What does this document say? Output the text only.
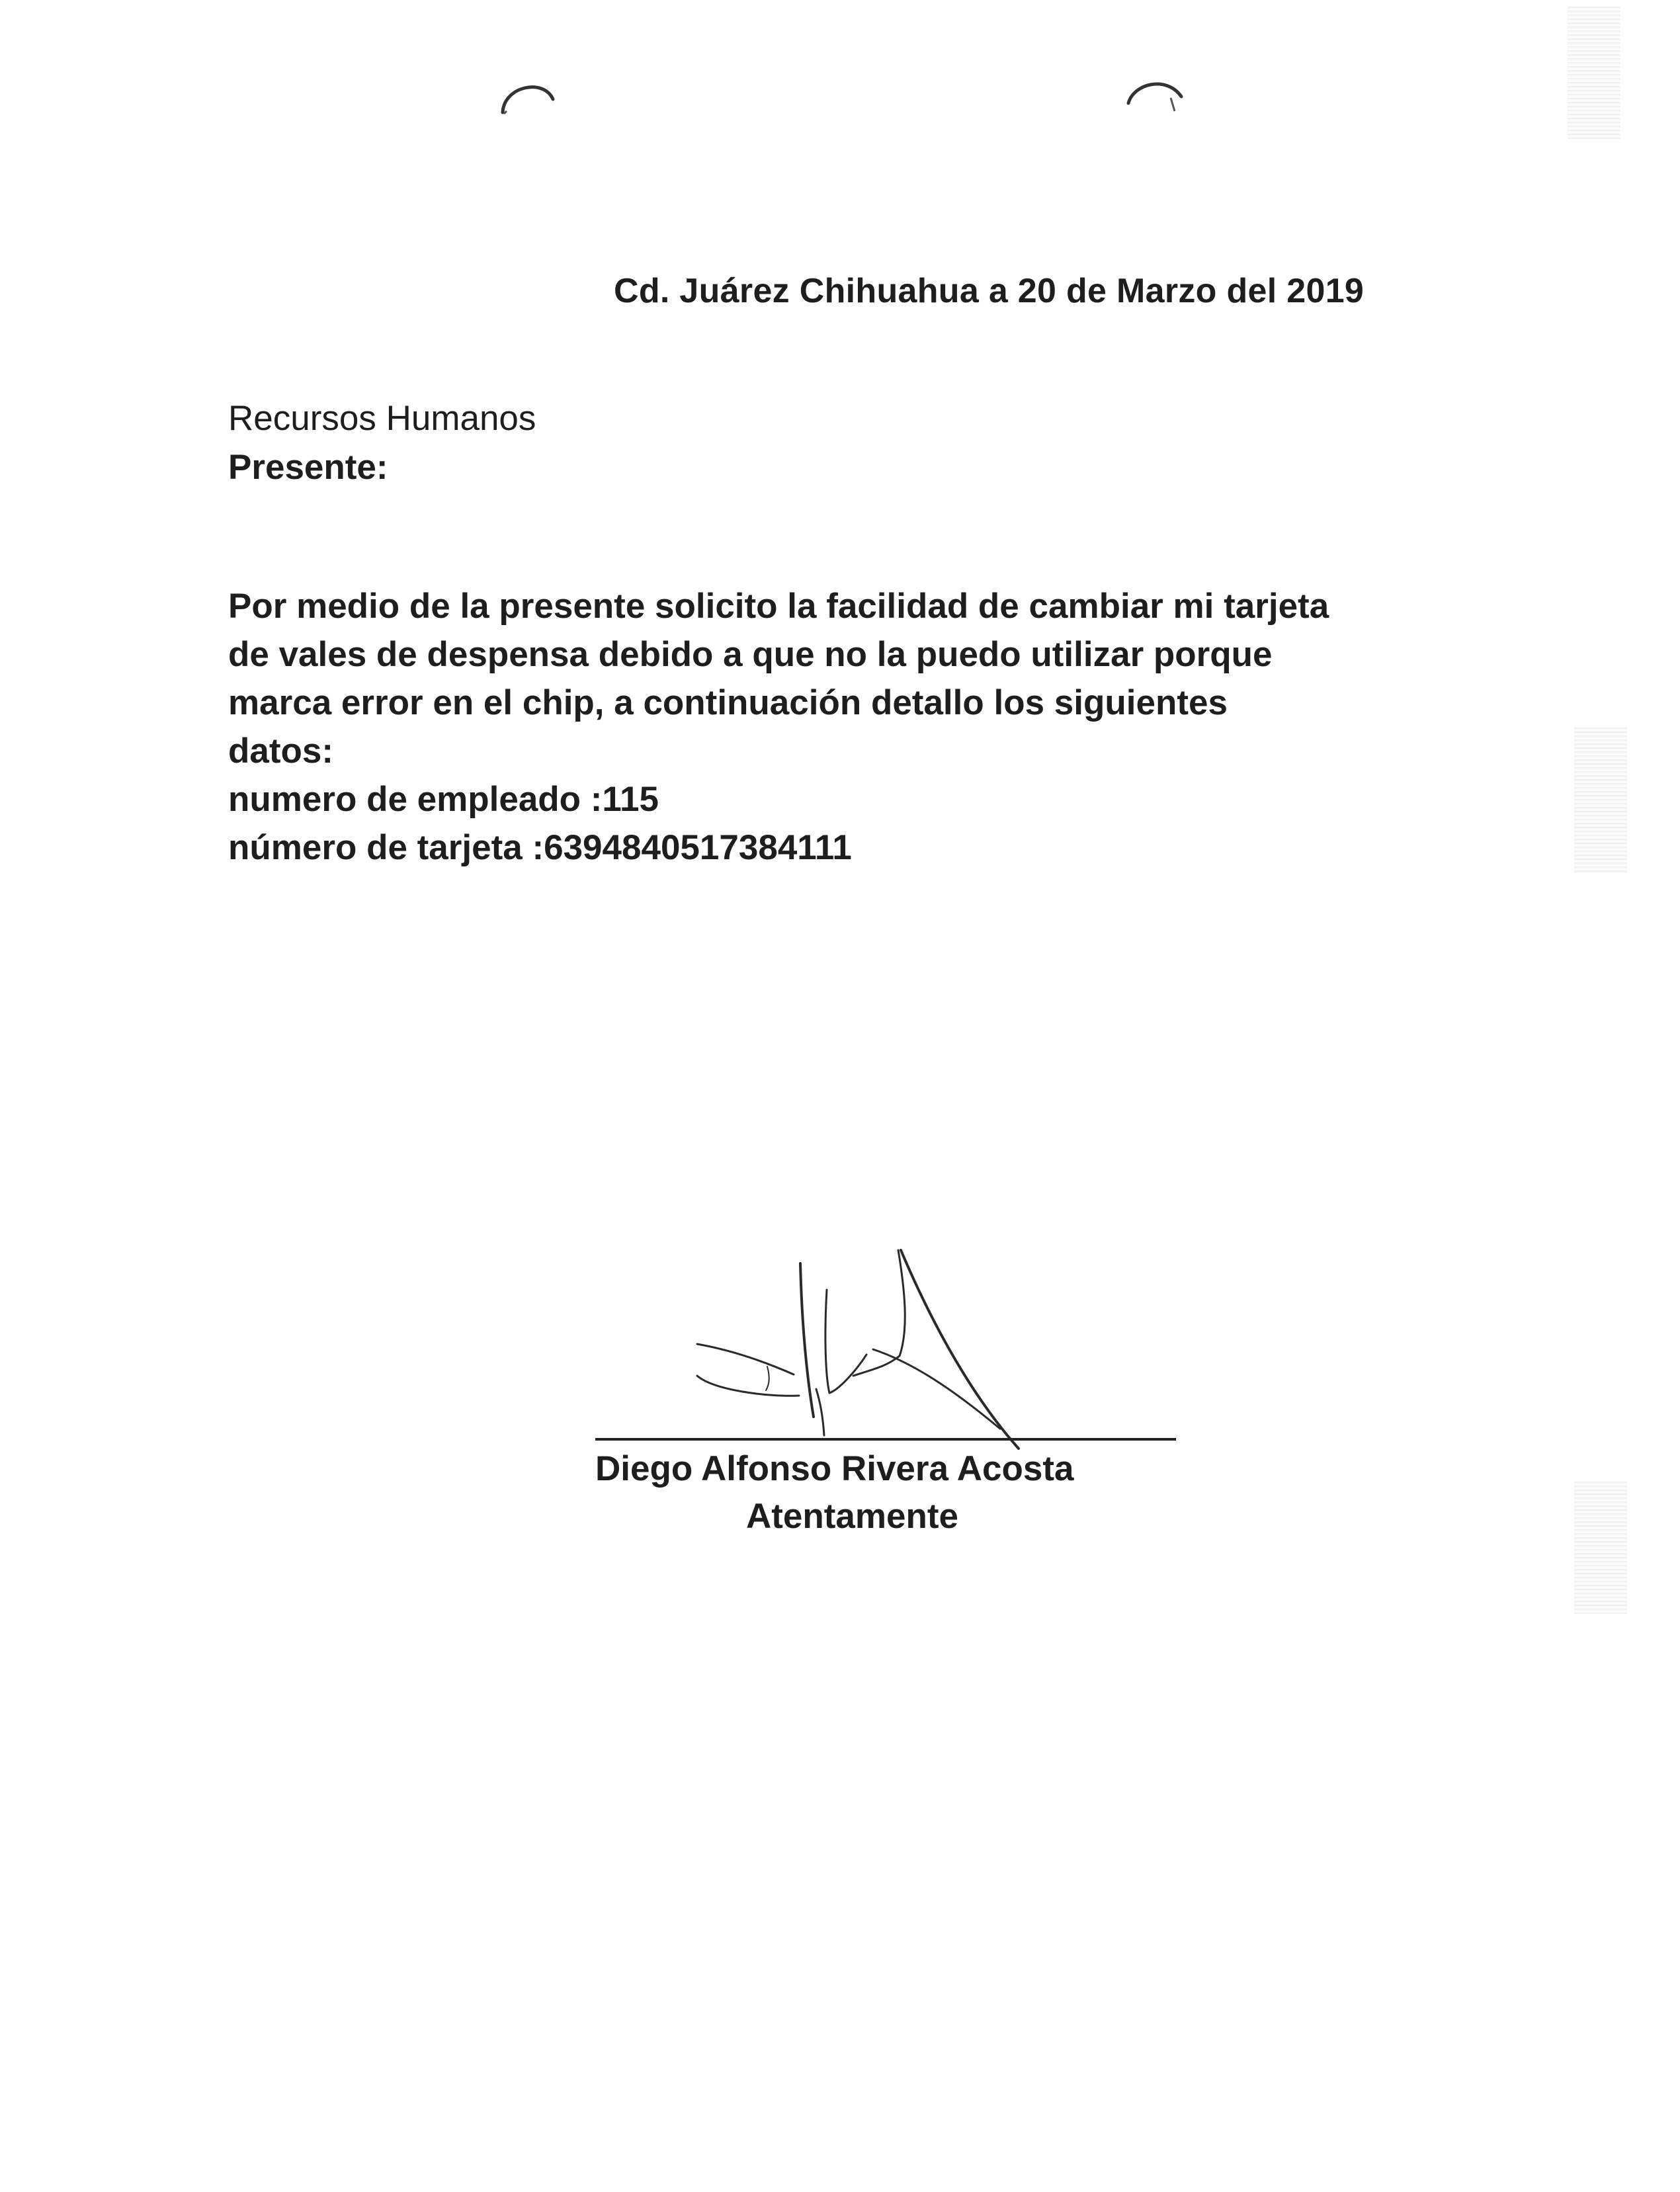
Cd. Juárez Chihuahua a 20 de Marzo del 2019
Recursos Humanos
Presente:
Por medio de la presente solicito la facilidad de cambiar mi tarjeta
de vales de despensa debido a que no la puedo utilizar porque
marca error en el chip, a continuación detallo los siguientes
datos:
numero de empleado :115
número de tarjeta :6394840517384111
Diego Alfonso Rivera Acosta
Atentamente
